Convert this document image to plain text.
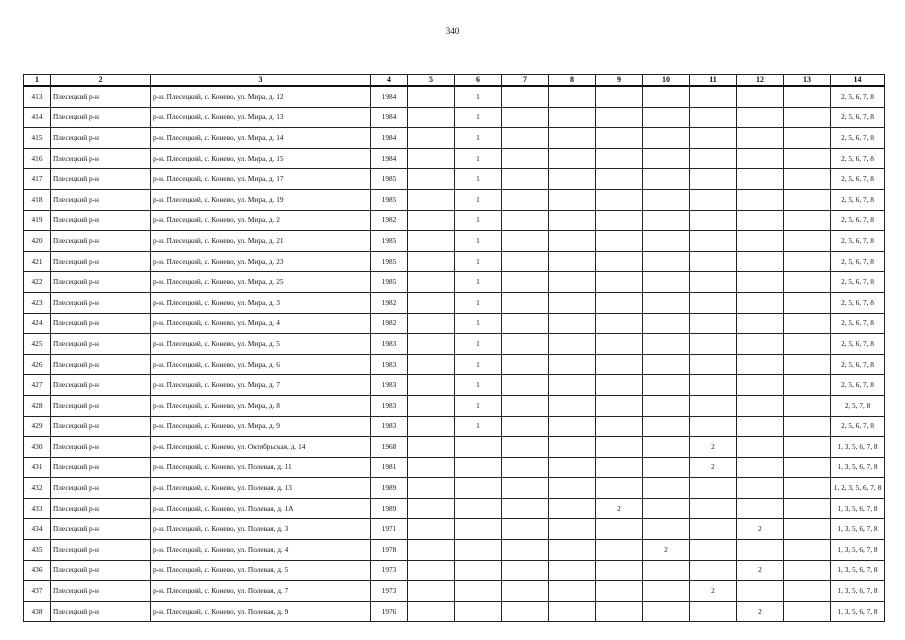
340
1	2	3	4	5	6	7	8	9	10	11	12	13	14
413	Плесецкий р-н	р-н. Плесецкий, с. Конево, ул. Мира, д. 12	1984		1								2, 5, 6, 7, 8
414	Плесецкий р-н	р-н. Плесецкий, с. Конево, ул. Мира, д. 13	1984		1								2, 5, 6, 7, 8
415	Плесецкий р-н	р-н. Плесецкий, с. Конево, ул. Мира, д. 14	1984		1								2, 5, 6, 7, 8
416	Плесецкий р-н	р-н. Плесецкий, с. Конево, ул. Мира, д. 15	1984		1								2, 5, 6, 7, 8
417	Плесецкий р-н	р-н. Плесецкий, с. Конево, ул. Мира, д. 17	1985		1								2, 5, 6, 7, 8
418	Плесецкий р-н	р-н. Плесецкий, с. Конево, ул. Мира, д. 19	1985		1								2, 5, 6, 7, 8
419	Плесецкий р-н	р-н. Плесецкий, с. Конево, ул. Мира, д. 2	1982		1								2, 5, 6, 7, 8
420	Плесецкий р-н	р-н. Плесецкий, с. Конево, ул. Мира, д. 21	1985		1								2, 5, 6, 7, 8
421	Плесецкий р-н	р-н. Плесецкий, с. Конево, ул. Мира, д. 23	1985		1								2, 5, 6, 7, 8
422	Плесецкий р-н	р-н. Плесецкий, с. Конево, ул. Мира, д. 25	1985		1								2, 5, 6, 7, 8
423	Плесецкий р-н	р-н. Плесецкий, с. Конево, ул. Мира, д. 3	1982		1								2, 5, 6, 7, 8
424	Плесецкий р-н	р-н. Плесецкий, с. Конево, ул. Мира, д. 4	1982		1								2, 5, 6, 7, 8
425	Плесецкий р-н	р-н. Плесецкий, с. Конево, ул. Мира, д. 5	1983		1								2, 5, 6, 7, 8
426	Плесецкий р-н	р-н. Плесецкий, с. Конево, ул. Мира, д. 6	1983		1								2, 5, 6, 7, 8
427	Плесецкий р-н	р-н. Плесецкий, с. Конево, ул. Мира, д. 7	1983		1								2, 5, 6, 7, 8
428	Плесецкий р-н	р-н. Плесецкий, с. Конево, ул. Мира, д. 8	1983		1								2, 5, 7, 8
429	Плесецкий р-н	р-н. Плесецкий, с. Конево, ул. Мира, д. 9	1983		1								2, 5, 6, 7, 8
430	Плесецкий р-н	р-н. Плесецкий, с. Конево, ул. Октябрьская, д. 14	1968							2			1, 3, 5, 6, 7, 8
431	Плесецкий р-н	р-н. Плесецкий, с. Конево, ул. Полевая, д. 11	1981							2			1, 3, 5, 6, 7, 8
432	Плесецкий р-н	р-н. Плесецкий, с. Конево, ул. Полевая, д. 13	1989										1, 2, 3, 5, 6, 7, 8
433	Плесецкий р-н	р-н. Плесецкий, с. Конево, ул. Полевая, д. 1А	1989					2					1, 3, 5, 6, 7, 8
434	Плесецкий р-н	р-н. Плесецкий, с. Конево, ул. Полевая, д. 3	1971								2		1, 3, 5, 6, 7, 8
435	Плесецкий р-н	р-н. Плесецкий, с. Конево, ул. Полевая, д. 4	1978						2				1, 3, 5, 6, 7, 8
436	Плесецкий р-н	р-н. Плесецкий, с. Конево, ул. Полевая, д. 5	1973								2		1, 3, 5, 6, 7, 8
437	Плесецкий р-н	р-н. Плесецкий, с. Конево, ул. Полевая, д. 7	1973							2			1, 3, 5, 6, 7, 8
438	Плесецкий р-н	р-н. Плесецкий, с. Конево, ул. Полевая, д. 9	1976								2		1, 3, 5, 6, 7, 8
